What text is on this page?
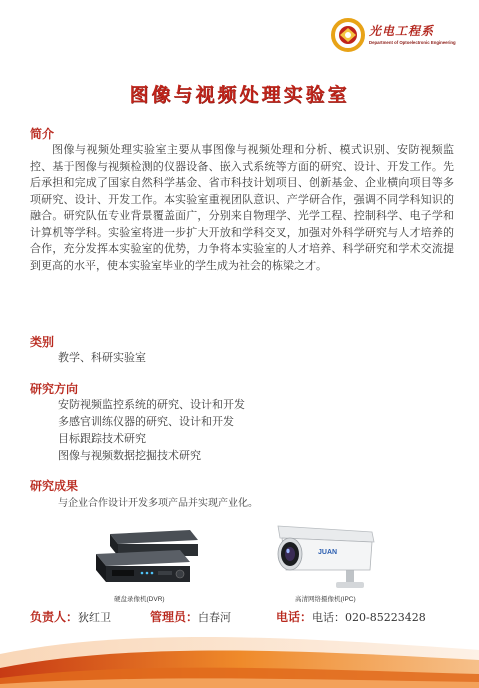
光电工程系
Department of Optoelectronic Engineering
图像与视频处理实验室
简介

图像与视频处理实验室主要从事图像与视频处理和分析、模式识别、安防视频监控、基于图像与视频检测的仪器设备、嵌入式系统等方面的研究、设计、开发工作。先后承担和完成了国家自然科学基金、省市科技计划项目、创新基金、企业横向项目等多项研究、设计、开发工作。本实验室重视团队意识、产学研合作，强调不同学科知识的融合。研究队伍专业背景覆盖面广，分别来自物理学、光学工程、控制科学、电子学和计算机等学科。实验室将进一步扩大开放和学科交叉，加强对外科学研究与人才培养的合作，充分发挥本实验室的优势，力争将本实验室的人才培养、科学研究和学术交流提到更高的水平，使本实验室毕业的学生成为社会的栋梁之才。

类别
教学、科研实验室
研究方向
安防视频监控系统的研究、设计和开发
多感官训练仪器的研究、设计和开发
目标跟踪技术研究
图像与视频数据挖掘技术研究
研究成果
与企业合作设计开发多项产品并实现产业化。
硬盘录像机(DVR)
JUAN
高清网络摄像机(IPC)
负责人：狄红卫	管理员：白春河	电话：电话：020-85223428
